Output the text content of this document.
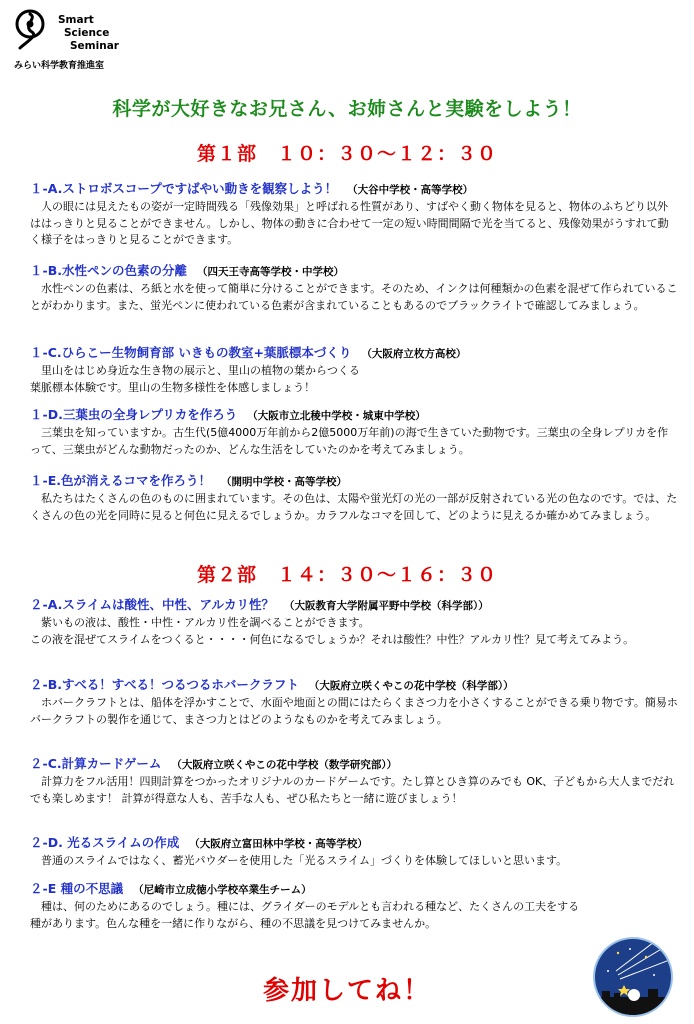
Smart
Science
Seminar
みらい科学教育推進室
科学が大好きなお兄さん、お姉さんと実験をしよう！
第１部　１０：３０～１２：３０
１-A.ストロボスコープですばやい動きを観察しよう！ （大谷中学校・高等学校）

人の眼には見えたもの姿が一定時間残る「残像効果」と呼ばれる性質があり、すばやく動く物体を見ると、物体のふちどり以外ははっきりと見ることができません。しかし、物体の動きに合わせて一定の短い時間間隔で光を当てると、残像効果がうすれて動く様子をはっきりと見ることができます。

１-B.水性ペンの色素の分離 （四天王寺高等学校・中学校）

水性ペンの色素は、ろ紙と水を使って簡単に分けることができます。そのため、インクは何種類かの色素を混ぜて作られていることがわかります。また、蛍光ペンに使われている色素が含まれていることもあるのでブラックライトで確認してみましょう。

１-C.ひらこー生物飼育部 いきもの教室+葉脈標本づくり （大阪府立枚方高校）

里山をはじめ身近な生き物の展示と、里山の植物の葉からつくる

葉脈標本体験です。里山の生物多様性を体感しましょう！

１-D.三葉虫の全身レプリカを作ろう （大阪市立北稜中学校・城東中学校）

三葉虫を知っていますか。古生代(5億4000万年前から2億5000万年前)の海で生きていた動物です。三葉虫の全身レプリカを作って、三葉虫がどんな動物だったのか、どんな生活をしていたのかを考えてみましょう。

１-E.色が消えるコマを作ろう！ （開明中学校・高等学校）

私たちはたくさんの色のものに囲まれています。その色は、太陽や蛍光灯の光の一部が反射されている光の色なのです。では、たくさんの色の光を同時に見ると何色に見えるでしょうか。カラフルなコマを回して、どのように見えるか確かめてみましょう。

第２部　１４：３０～１６：３０
２-A.スライムは酸性、中性、アルカリ性？ （大阪教育大学附属平野中学校（科学部））

紫いもの液は、酸性・中性・アルカリ性を調べることができます。

この液を混ぜてスライムをつくると・・・・何色になるでしょうか？それは酸性？中性？アルカリ性？見て考えてみよう。

２-B.すべる！すべる！つるつるホバークラフト （大阪府立咲くやこの花中学校（科学部））

ホバークラフトとは、船体を浮かすことで、水面や地面との間にはたらくまさつ力を小さくすることができる乗り物です。簡易ホバークラフトの製作を通じて、まさつ力とはどのようなものかを考えてみましょう。

２-C.計算カードゲーム （大阪府立咲くやこの花中学校（数学研究部））

計算力をフル活用！四則計算をつかったオリジナルのカードゲームです。たし算とひき算のみでも OK、子どもから大人までだれでも楽しめます！ 計算が得意な人も、苦手な人も、ぜひ私たちと一緒に遊びましょう！

２-D. 光るスライムの作成 （大阪府立富田林中学校・高等学校）

普通のスライムではなく、蓄光パウダーを使用した「光るスライム」づくりを体験してほしいと思います。

２-E 種の不思議 （尼崎市立成徳小学校卒業生チーム）

種は、何のためにあるのでしょう。種には、グライダーのモデルとも言われる種など、たくさんの工夫をする種があります。色んな種を一緒に作りながら、種の不思議を見つけてみませんか。

参加してね！
